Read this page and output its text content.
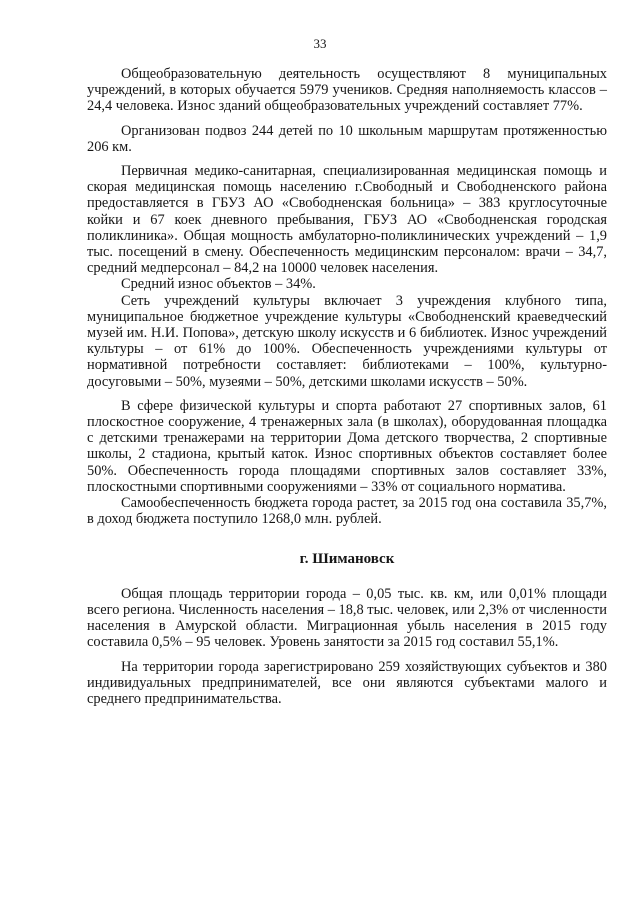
33

Общеобразовательную деятельность осуществляют 8 муниципальных учреждений, в которых обучается 5979 учеников. Средняя наполняемость классов – 24,4 человека. Износ зданий общеобразовательных учреждений составляет 77%.

Организован подвоз 244 детей по 10 школьным маршрутам протяженностью 206 км.

Первичная медико-санитарная, специализированная медицинская помощь и скорая медицинская помощь населению г.Свободный и Свободненского района предоставляется в ГБУЗ АО «Свободненская больница» – 383 круглосуточные койки и 67 коек дневного пребывания, ГБУЗ АО «Свободненская городская поликлиника». Общая мощность амбулаторно-поликлинических учреждений – 1,9 тыс. посещений в смену. Обеспеченность медицинским персоналом: врачи – 34,7, средний медперсонал – 84,2 на 10000 человек населения.

Средний износ объектов – 34%.

Сеть учреждений культуры включает 3 учреждения клубного типа, муниципальное бюджетное учреждение культуры «Свободненский краеведческий музей им. Н.И. Попова», детскую школу искусств и 6 библиотек. Износ учреждений культуры – от 61% до 100%. Обеспеченность учреждениями культуры от нормативной потребности составляет: библиотеками – 100%, культурно-досуговыми – 50%, музеями – 50%, детскими школами искусств – 50%.

В сфере физической культуры и спорта работают 27 спортивных залов, 61 плоскостное сооружение, 4 тренажерных зала (в школах), оборудованная площадка с детскими тренажерами на территории Дома детского творчества, 2 спортивные школы, 2 стадиона, крытый каток. Износ спортивных объектов составляет более 50%. Обеспеченность города площадями спортивных залов составляет 33%, плоскостными спортивными сооружениями – 33% от социального норматива.

Самообеспеченность бюджета города растет, за 2015 год она составила 35,7%, в доход бюджета поступило 1268,0 млн. рублей.

г. Шимановск

Общая площадь территории города – 0,05 тыс. кв. км, или 0,01% площади всего региона. Численность населения – 18,8 тыс. человек, или 2,3% от численности населения в Амурской области. Миграционная убыль населения в 2015 году составила 0,5% – 95 человек. Уровень занятости за 2015 год составил 55,1%.

На территории города зарегистрировано 259 хозяйствующих субъектов и 380 индивидуальных предпринимателей, все они являются субъектами малого и среднего предпринимательства.
